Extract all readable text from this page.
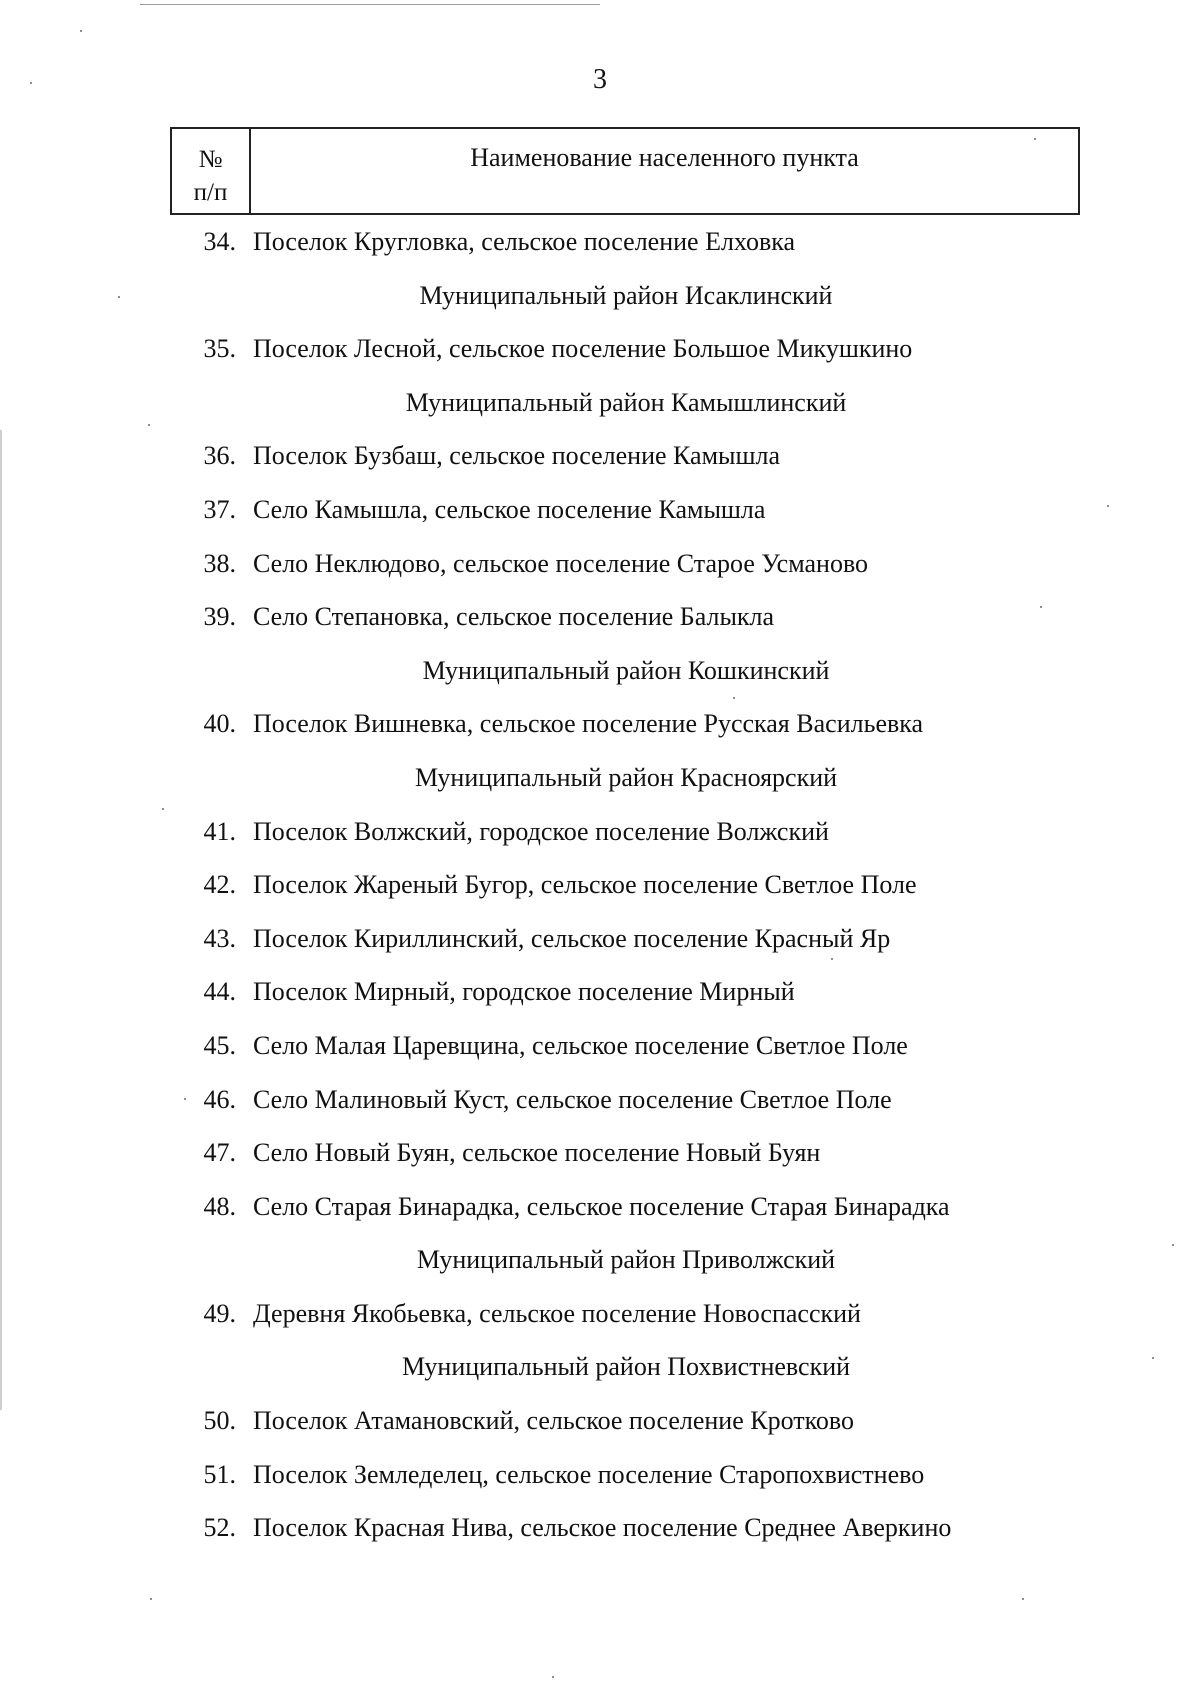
3
№
п/п
Наименование населенного пункта
34. Поселок Кругловка, сельское поселение Елховка
Муниципальный район Исаклинский
35. Поселок Лесной, сельское поселение Большое Микушкино
Муниципальный район Камышлинский
36. Поселок Бузбаш, сельское поселение Камышла
37. Село Камышла, сельское поселение Камышла
38. Село Неклюдово, сельское поселение Старое Усманово
39. Село Степановка, сельское поселение Балыкла
Муниципальный район Кошкинский
40. Поселок Вишневка, сельское поселение Русская Васильевка
Муниципальный район Красноярский
41. Поселок Волжский, городское поселение Волжский
42. Поселок Жареный Бугор, сельское поселение Светлое Поле
43. Поселок Кириллинский, сельское поселение Красный Яр
44. Поселок Мирный, городское поселение Мирный
45. Село Малая Царевщина, сельское поселение Светлое Поле
46. Село Малиновый Куст, сельское поселение Светлое Поле
47. Село Новый Буян, сельское поселение Новый Буян
48. Село Старая Бинарадка, сельское поселение Старая Бинарадка
Муниципальный район Приволжский
49. Деревня Якобьевка, сельское поселение Новоспасский
Муниципальный район Похвистневский
50. Поселок Атамановский, сельское поселение Кротково
51. Поселок Земледелец, сельское поселение Старопохвистнево
52. Поселок Красная Нива, сельское поселение Среднее Аверкино
